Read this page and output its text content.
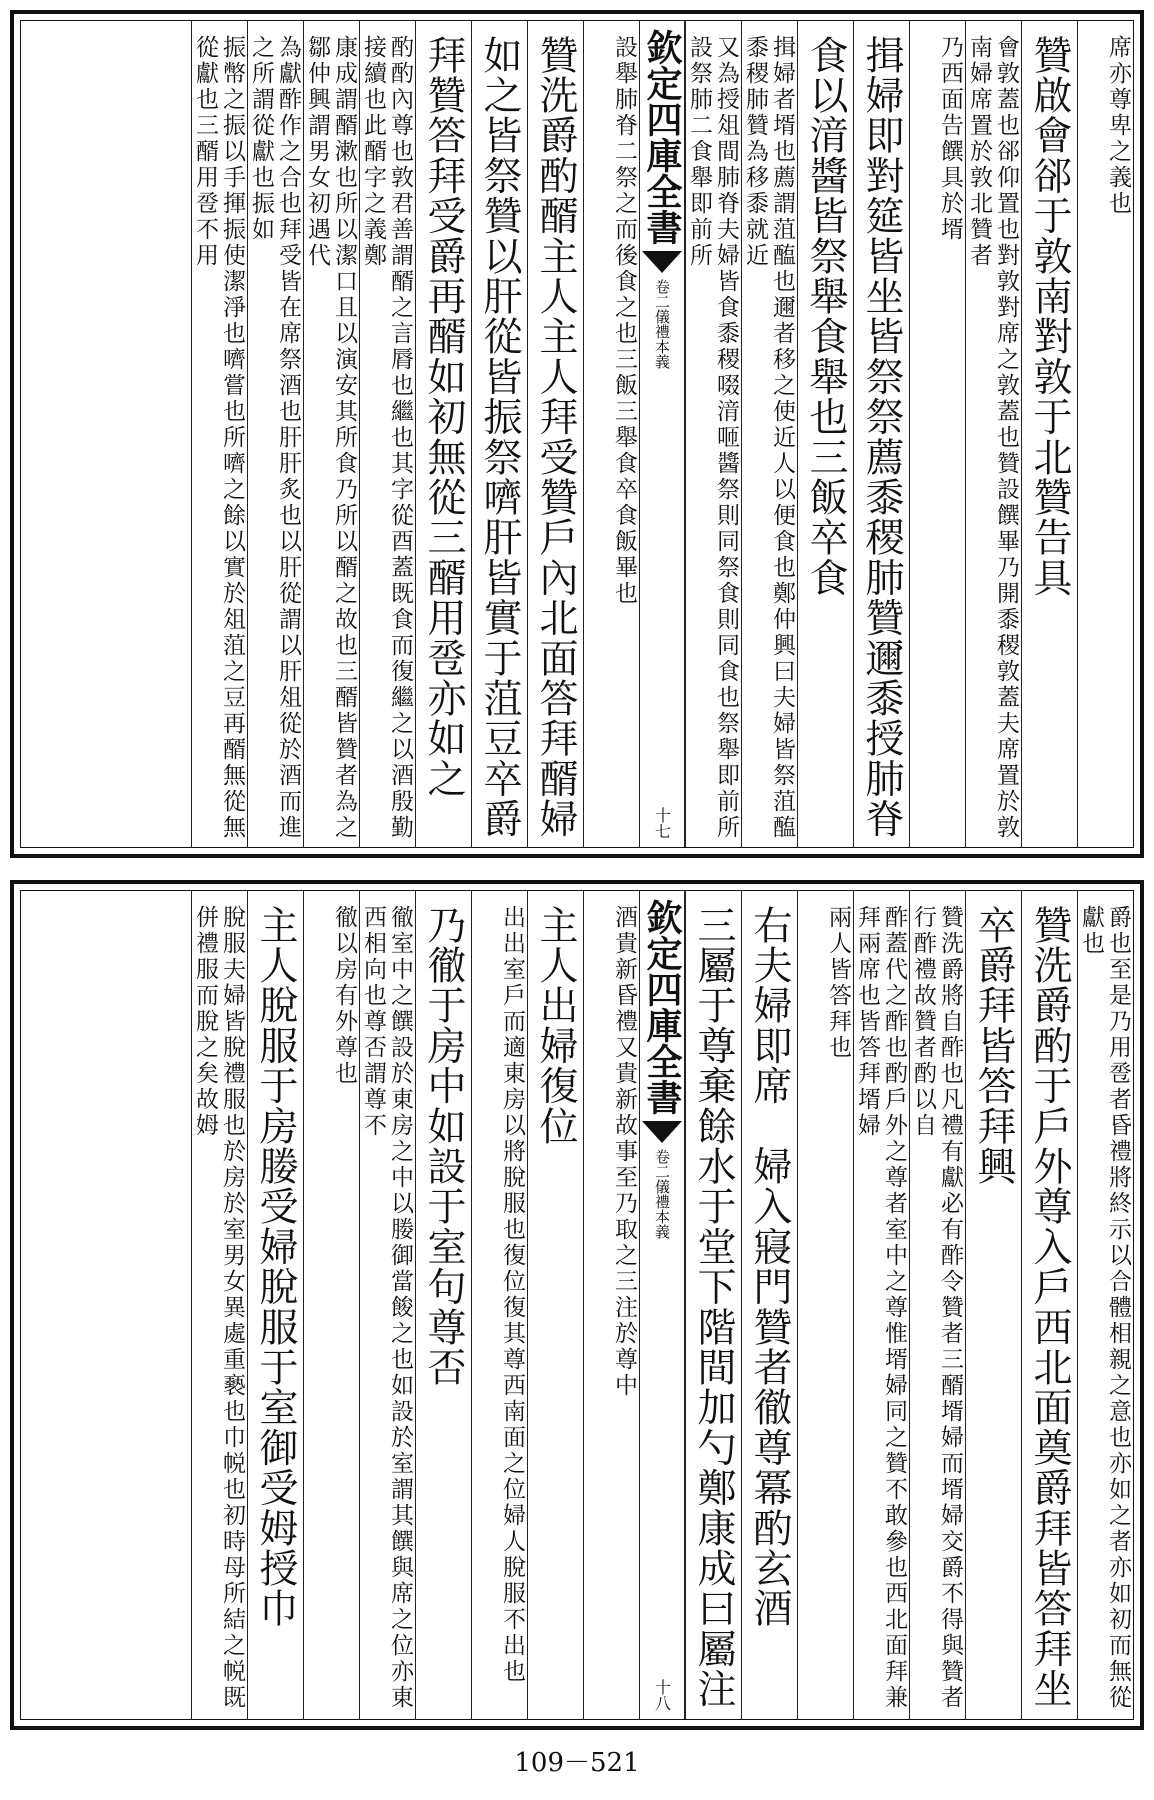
席亦尊卑之義也
贊啟會郤于敦南對敦于北贊告具
會敦蓋也郤仰置也對敦對席之敦蓋也贊設饌畢乃開黍稷敦蓋夫席置於敦南婦席置於敦北贊者
乃西面告饌具於壻
揖婦即對筵皆坐皆祭祭薦黍稷肺贊邇黍授肺脊
食以湇醬皆祭舉食舉也三飯卒食
揖婦者壻也薦謂菹醢也邇者移之使近人以便食也鄭仲興曰夫婦皆祭菹醢黍稷肺贊為移黍就近
又為授俎間肺脊夫婦皆食黍稷啜湇咂醬祭則同祭食則同食也祭舉即前所設祭肺二食舉即前所
欽定四庫全書
卷二
儀禮本義
十七
設舉肺脊二祭之而後食之也三飯三舉食卒食飯畢也
贊洗爵酌醑主人主人拜受贊戶內北面答拜醑婦
如之皆祭贊以肝從皆振祭嚌肝皆實于菹豆卒爵
拜贊答拜受爵再醑如初無從三醑用卺亦如之
酌酌內尊也敦君善謂醑之言脣也繼也其字從酉蓋既食而復繼之以酒殷勤接續也此醑字之義鄭
康成謂醑漱也所以潔口且以演安其所食乃所以醑之故也三醑皆贊者為之鄒仲興謂男女初遇代
為獻酢作之合也拜受皆在席祭酒也肝肝炙也以肝從謂以肝俎從於酒而進之所謂從獻也振如
振幣之振以手揮振使潔淨也嚌嘗也所嚌之餘以實於俎菹之豆再醑無從無從獻也三醑用卺不用
爵也至是乃用卺者昏禮將終示以合體相親之意也亦如之者亦如初而無從獻也
贊洗爵酌于戶外尊入戶西北面奠爵拜皆答拜坐
卒爵拜皆答拜興
贊洗爵將自酢也凡禮有獻必有酢令贊者三醑壻婦而壻婦交爵不得與贊者行酢禮故贊者酌以自
酢蓋代之酢也酌戶外之尊者室中之尊惟壻婦同之贊不敢參也西北面拜兼拜兩席也皆答拜壻婦
兩人皆答拜也
右夫婦即席　婦入寢門贊者徹尊冪酌玄酒
三屬于尊棄餘水于堂下階間加勺鄭康成曰屬注
欽定四庫全書
卷二
儀禮本義
十八
酒貴新昏禮又貴新故事至乃取之三注於尊中
主人出婦復位
出出室戶而適東房以將脫服也復位復其尊西南面之位婦人脫服不出也
乃徹于房中如設于室句尊否
徹室中之饌設於東房之中以媵御當餕之也如設於室謂其饌與席之位亦東西相向也尊否謂尊不
徹以房有外尊也
主人脫服于房媵受婦脫服于室御受姆授巾
脫服夫婦皆脫禮服也於房於室男女異處重褻也巾帨也初時母所結之帨既併禮服而脫之矣故姆
109－521
